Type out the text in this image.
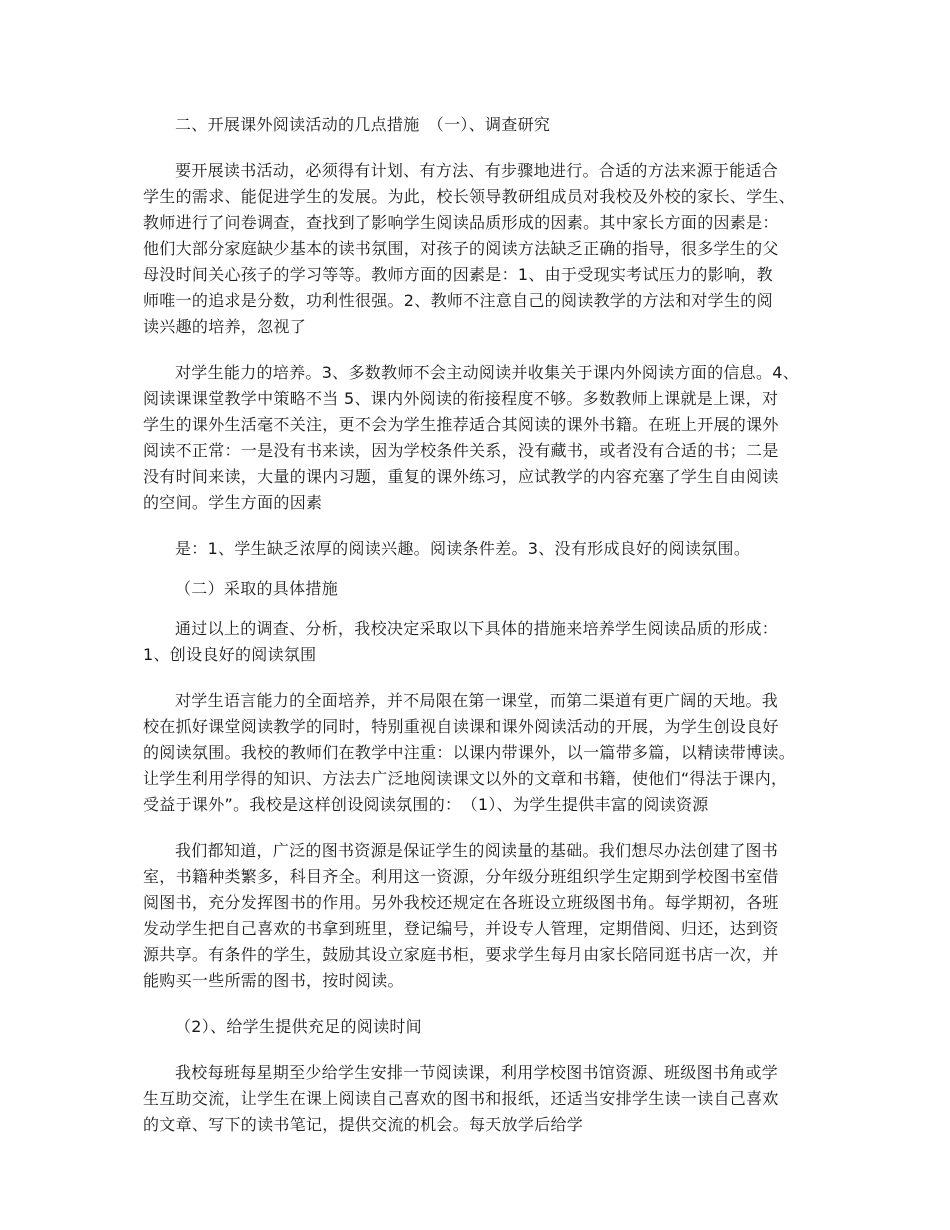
二、开展课外阅读活动的几点措施　（一）、调查研究

要开展读书活动，必须得有计划、有方法、有步骤地进行。合适的方法来源于能适合
学生的需求、能促进学生的发展。为此，校长领导教研组成员对我校及外校的家长、学生、
教师进行了问卷调查，查找到了影响学生阅读品质形成的因素。其中家长方面的因素是：
他们大部分家庭缺少基本的读书氛围，对孩子的阅读方法缺乏正确的指导，很多学生的父
母没时间关心孩子的学习等等。教师方面的因素是：1、由于受现实考试压力的影响，教
师唯一的追求是分数，功利性很强。2、教师不注意自己的阅读教学的方法和对学生的阅
读兴趣的培养，忽视了
对学生能力的培养。3、多数教师不会主动阅读并收集关于课内外阅读方面的信息。4、
阅读课课堂教学中策略不当 5、课内外阅读的衔接程度不够。多数教师上课就是上课，对
学生的课外生活毫不关注，更不会为学生推荐适合其阅读的课外书籍。在班上开展的课外
阅读不正常：一是没有书来读，因为学校条件关系，没有藏书，或者没有合适的书；二是
没有时间来读，大量的课内习题，重复的课外练习，应试教学的内容充塞了学生自由阅读
的空间。学生方面的因素

是：1、学生缺乏浓厚的阅读兴趣。阅读条件差。3、没有形成良好的阅读氛围。

（二）采取的具体措施

通过以上的调查、分析，我校决定采取以下具体的措施来培养学生阅读品质的形成：
1、创设良好的阅读氛围
对学生语言能力的全面培养，并不局限在第一课堂，而第二渠道有更广阔的天地。我
校在抓好课堂阅读教学的同时，特别重视自读课和课外阅读活动的开展，为学生创设良好
的阅读氛围。我校的教师们在教学中注重：以课内带课外，以一篇带多篇，以精读带博读。
让学生利用学得的知识、方法去广泛地阅读课文以外的文章和书籍，使他们“得法于课内，
受益于课外”。我校是这样创设阅读氛围的：　（1）、为学生提供丰富的阅读资源
我们都知道，广泛的图书资源是保证学生的阅读量的基础。我们想尽办法创建了图书
室，书籍种类繁多，科目齐全。利用这一资源，分年级分班组织学生定期到学校图书室借
阅图书，充分发挥图书的作用。另外我校还规定在各班设立班级图书角。每学期初，各班
发动学生把自己喜欢的书拿到班里，登记编号，并设专人管理，定期借阅、归还，达到资
源共享。有条件的学生，鼓励其设立家庭书柜，要求学生每月由家长陪同逛书店一次，并
能购买一些所需的图书，按时阅读。

（2）、给学生提供充足的阅读时间

我校每班每星期至少给学生安排一节阅读课，利用学校图书馆资源、班级图书角或学
生互助交流，让学生在课上阅读自己喜欢的图书和报纸，还适当安排学生读一读自己喜欢
的文章、写下的读书笔记，提供交流的机会。每天放学后给学
